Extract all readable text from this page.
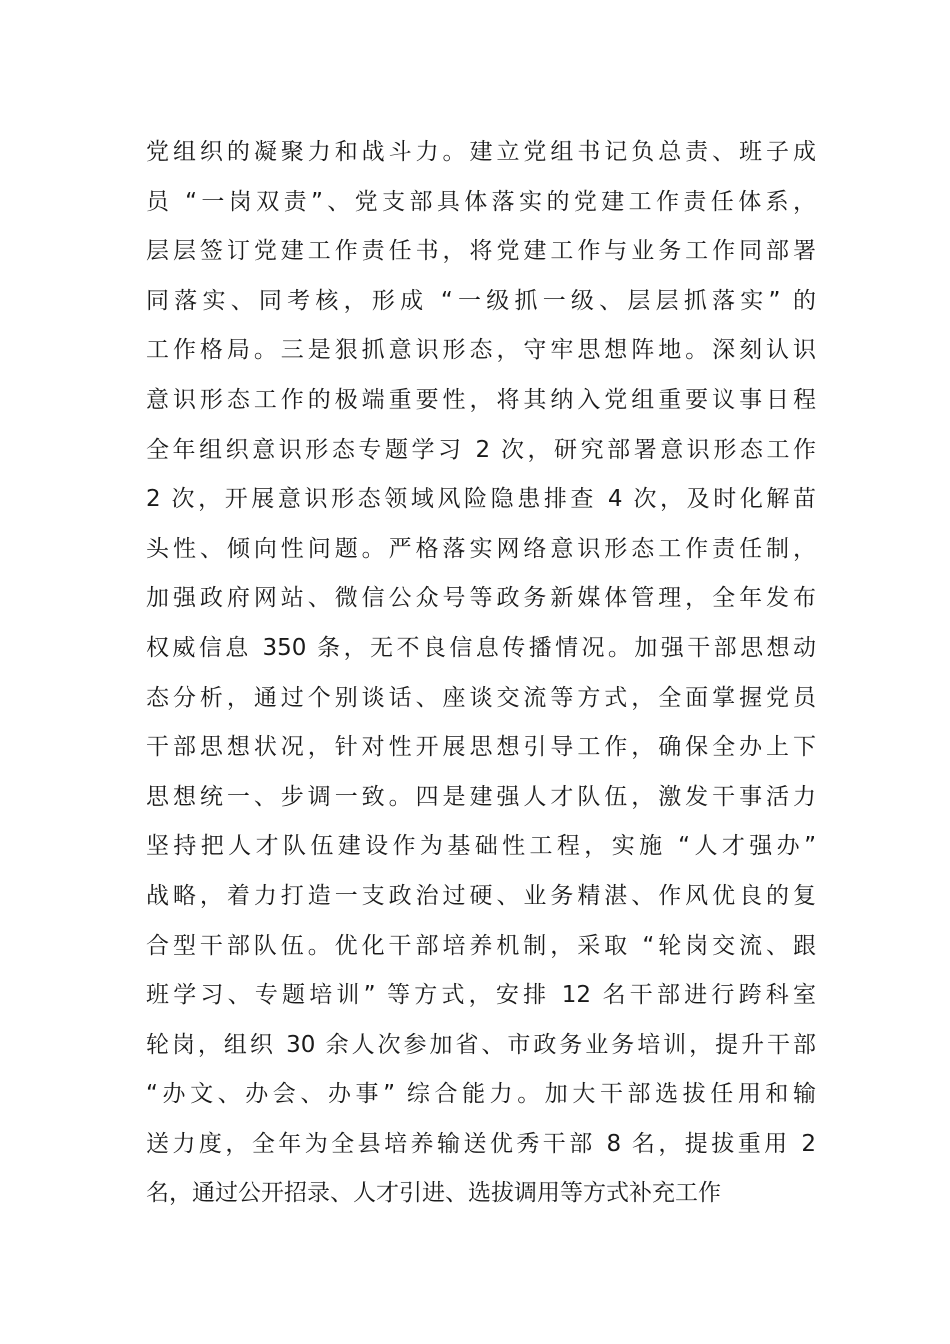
党组织的凝聚力和战斗力。建立党组书记负总责、班子成
员 “一岗双责”、党支部具体落实的党建工作责任体系，
层层签订党建工作责任书，将党建工作与业务工作同部署
同落实、同考核，形成 “一级抓一级、层层抓落实” 的
工作格局。三是狠抓意识形态，守牢思想阵地。深刻认识
意识形态工作的极端重要性，将其纳入党组重要议事日程
全年组织意识形态专题学习 2 次，研究部署意识形态工作
2 次，开展意识形态领域风险隐患排查 4 次，及时化解苗
头性、倾向性问题。严格落实网络意识形态工作责任制，
加强政府网站、微信公众号等政务新媒体管理，全年发布
权威信息 350 条，无不良信息传播情况。加强干部思想动
态分析，通过个别谈话、座谈交流等方式，全面掌握党员
干部思想状况，针对性开展思想引导工作，确保全办上下
思想统一、步调一致。四是建强人才队伍，激发干事活力
坚持把人才队伍建设作为基础性工程，实施 “人才强办”
战略，着力打造一支政治过硬、业务精湛、作风优良的复
合型干部队伍。优化干部培养机制，采取 “轮岗交流、跟
班学习、专题培训” 等方式，安排 12 名干部进行跨科室
轮岗，组织 30 余人次参加省、市政务业务培训，提升干部
“办文、办会、办事” 综合能力。加大干部选拔任用和输
送力度，全年为全县培养输送优秀干部 8 名，提拔重用 2
名，通过公开招录、人才引进、选拔调用等方式补充工作
